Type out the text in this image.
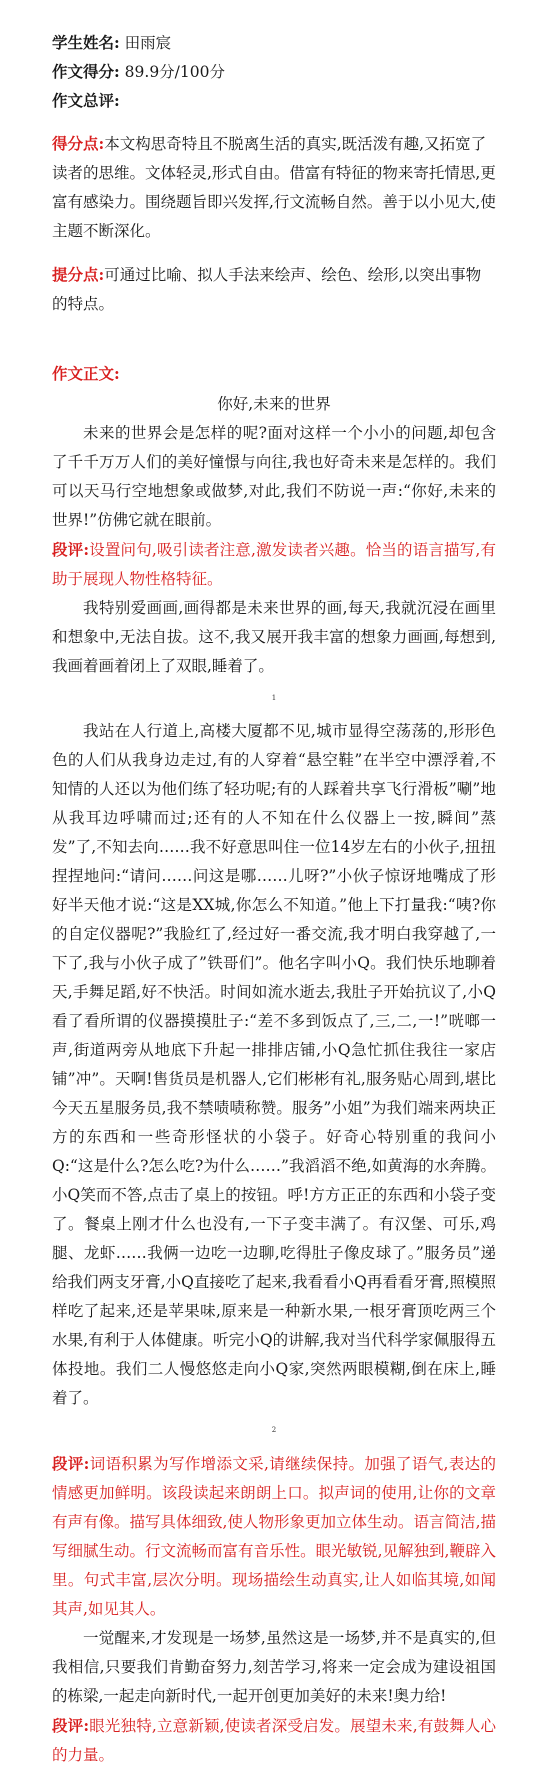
学生姓名: 田雨宸
作文得分: 89.9分/100分
作文总评:

得分点:本文构思奇特且不脱离生活的真实,既活泼有趣,又拓宽了读者的思维。文体轻灵,形式自由。借富有特征的物来寄托情思,更富有感染力。围绕题旨即兴发挥,行文流畅自然。善于以小见大,使主题不断深化。

提分点:可通过比喻、拟人手法来绘声、绘色、绘形,以突出事物的特点。

作文正文:
你好,未来的世界

未来的世界会是怎样的呢?面对这样一个小小的问题,却包含了千千万万人们的美好憧憬与向往,我也好奇未来是怎样的。我们可以天马行空地想象或做梦,对此,我们不防说一声:“你好,未来的世界!”仿佛它就在眼前。

段评:设置问句,吸引读者注意,激发读者兴趣。恰当的语言描写,有助于展现人物性格特征。

我特别爱画画,画得都是未来世界的画,每天,我就沉浸在画里和想象中,无法自拔。这不,我又展开我丰富的想象力画画,每想到,我画着画着闭上了双眼,睡着了。

1

我站在人行道上,高楼大厦都不见,城市显得空荡荡的,形形色色的人们从我身边走过,有的人穿着“悬空鞋”在半空中漂浮着,不知情的人还以为他们练了轻功呢;有的人踩着共享飞行滑板”唰”地从我耳边呼啸而过;还有的人不知在什么仪器上一按,瞬间”蒸发”了,不知去向……我不好意思叫住一位14岁左右的小伙子,扭扭捏捏地问:“请问……问这是哪……儿呀?”小伙子惊讶地嘴成了形好半天他才说:“这是XX城,你怎么不知道。”他上下打量我:“咦?你的自定仪器呢?”我脸红了,经过好一番交流,我才明白我穿越了,一下了,我与小伙子成了”铁哥们”。他名字叫小Q。我们快乐地聊着天,手舞足蹈,好不快活。时间如流水逝去,我肚子开始抗议了,小Q看了看所谓的仪器摸摸肚子:“差不多到饭点了,三,二,一!”咣啷一声,街道两旁从地底下升起一排排店铺,小Q急忙抓住我往一家店铺”冲”。天啊!售货员是机器人,它们彬彬有礼,服务贴心周到,堪比今天五星服务员,我不禁啧啧称赞。服务”小姐”为我们端来两块正方的东西和一些奇形怪状的小袋子。好奇心特别重的我问小Q:“这是什么?怎么吃?为什么……”我滔滔不绝,如黄海的水奔腾。小Q笑而不答,点击了桌上的按钮。呼!方方正正的东西和小袋子变了。餐桌上刚才什么也没有,一下子变丰满了。有汉堡、可乐,鸡腿、龙虾……我俩一边吃一边聊,吃得肚子像皮球了。”服务员”递给我们两支牙膏,小Q直接吃了起来,我看看小Q再看看牙膏,照模照样吃了起来,还是苹果味,原来是一种新水果,一根牙膏顶吃两三个水果,有利于人体健康。听完小Q的讲解,我对当代科学家佩服得五体投地。我们二人慢悠悠走向小Q家,突然两眼模糊,倒在床上,睡着了。

2

段评:词语积累为写作增添文采,请继续保持。加强了语气,表达的情感更加鲜明。该段读起来朗朗上口。拟声词的使用,让你的文章有声有像。描写具体细致,使人物形象更加立体生动。语言简洁,描写细腻生动。行文流畅而富有音乐性。眼光敏锐,见解独到,鞭辟入里。句式丰富,层次分明。现场描绘生动真实,让人如临其境,如闻其声,如见其人。

一觉醒来,才发现是一场梦,虽然这是一场梦,并不是真实的,但我相信,只要我们肯勤奋努力,刻苦学习,将来一定会成为建设祖国的栋梁,一起走向新时代,一起开创更加美好的未来!奥力给!

段评:眼光独特,立意新颖,使读者深受启发。展望未来,有鼓舞人心的力量。
